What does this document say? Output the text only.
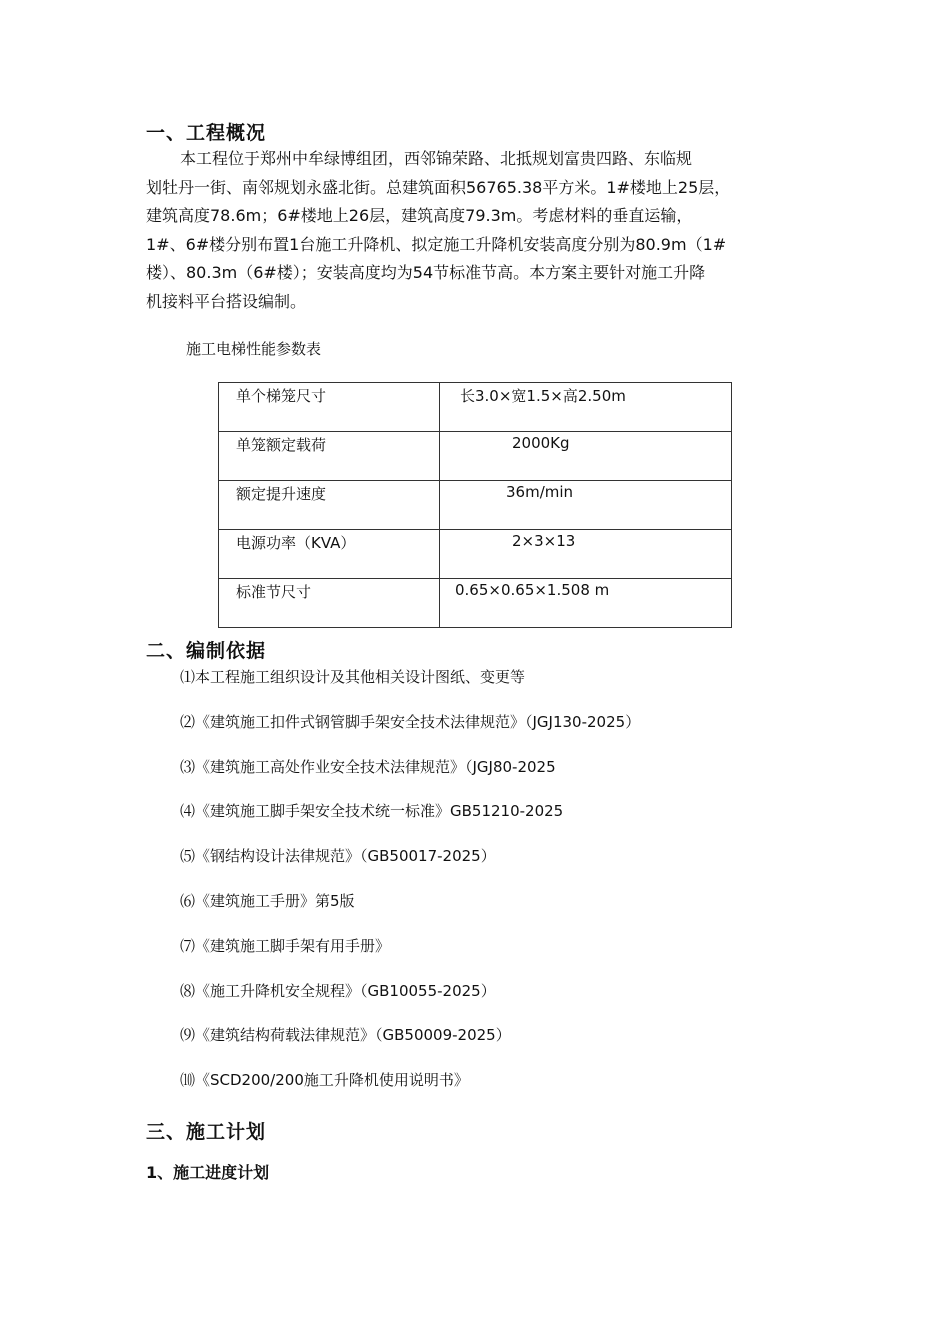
一、工程概况
本工程位于郑州中牟绿博组团，西邻锦荣路、北抵规划富贵四路、东临规
划牡丹一街、南邻规划永盛北街。总建筑面积56765.38平方米。1#楼地上25层，
建筑高度78.6m；6#楼地上26层，建筑高度79.3m。考虑材料的垂直运输，
1#、6#楼分别布置1台施工升降机、拟定施工升降机安装高度分别为80.9m（1#
楼）、80.3m（6#楼）；安装高度均为54节标准节高。本方案主要针对施工升降
机接料平台搭设编制。

施工电梯性能参数表

单个梯笼尺寸	长3.0×宽1.5×高2.50m
单笼额定载荷	2000Kg
额定提升速度	36m/min
电源功率（KVA）	2×3×13
标准节尺寸	0.65×0.65×1.508 m
二、编制依据
⑴本工程施工组织设计及其他相关设计图纸、变更等
⑵《建筑施工扣件式钢管脚手架安全技术法律规范》（JGJ130-2025）
⑶《建筑施工高处作业安全技术法律规范》（JGJ80-2025
⑷《建筑施工脚手架安全技术统一标准》GB51210-2025
⑸《钢结构设计法律规范》（GB50017-2025）
⑹《建筑施工手册》第5版
⑺《建筑施工脚手架有用手册》
⑻《施工升降机安全规程》（GB10055-2025）
⑼《建筑结构荷载法律规范》（GB50009-2025）
⑽《SCD200/200施工升降机使用说明书》
三、施工计划
1、施工进度计划
